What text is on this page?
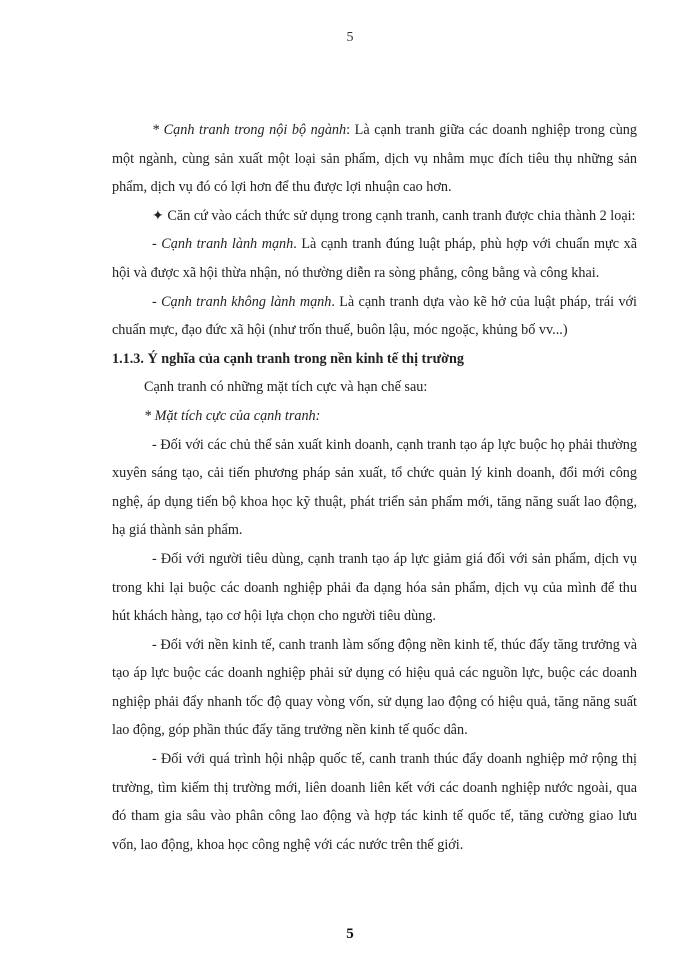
5

* Cạnh tranh trong nội bộ ngành: Là cạnh tranh giữa các doanh nghiệp trong cùng một ngành, cùng sản xuất một loại sản phẩm, dịch vụ nhằm mục đích tiêu thụ những sản phẩm, dịch vụ đó có lợi hơn để thu được lợi nhuận cao hơn.

✦ Căn cứ vào cách thức sử dụng trong cạnh tranh, canh tranh được chia thành 2 loại:

- Cạnh tranh lành mạnh. Là cạnh tranh đúng luật pháp, phù hợp với chuẩn mực xã hội và được xã hội thừa nhận, nó thường diễn ra sòng phẳng, công bằng và công khai.

- Cạnh tranh không lành mạnh. Là cạnh tranh dựa vào kẽ hở của luật pháp, trái với chuẩn mực, đạo đức xã hội (như trốn thuế, buôn lậu, móc ngoặc, khủng bố vv...)

1.1.3. Ý nghĩa của cạnh tranh trong nền kinh tế thị trường

Cạnh tranh có những mặt tích cực và hạn chế sau:

* Mặt tích cực của cạnh tranh:

- Đối với các chủ thể sản xuất kinh doanh, cạnh tranh tạo áp lực buộc họ phải thường xuyên sáng tạo, cải tiến phương pháp sản xuất, tổ chức quản lý kinh doanh, đổi mới công nghệ, áp dụng tiến bộ khoa học kỹ thuật, phát triển sản phẩm mới, tăng năng suất lao động, hạ giá thành sản phẩm.

- Đối với người tiêu dùng, cạnh tranh tạo áp lực giảm giá đối với sản phẩm, dịch vụ trong khi lại buộc các doanh nghiệp phải đa dạng hóa sản phẩm, dịch vụ của mình để thu hút khách hàng, tạo cơ hội lựa chọn cho người tiêu dùng.

- Đối với nền kinh tế, canh tranh làm sống động nền kinh tế, thúc đẩy tăng trưởng và tạo áp lực buộc các doanh nghiệp phải sử dụng có hiệu quả các nguồn lực, buộc các doanh nghiệp phải đẩy nhanh tốc độ quay vòng vốn, sử dụng lao động có hiệu quả, tăng năng suất lao động, góp phần thúc đẩy tăng trưởng nền kinh tế quốc dân.

- Đối với quá trình hội nhập quốc tế, canh tranh thúc đẩy doanh nghiệp mở rộng thị trường, tìm kiếm thị trường mới, liên doanh liên kết với các doanh nghiệp nước ngoài, qua đó tham gia sâu vào phân công lao động và hợp tác kinh tế quốc tế, tăng cường giao lưu vốn, lao động, khoa học công nghệ với các nước trên thế giới.

5
